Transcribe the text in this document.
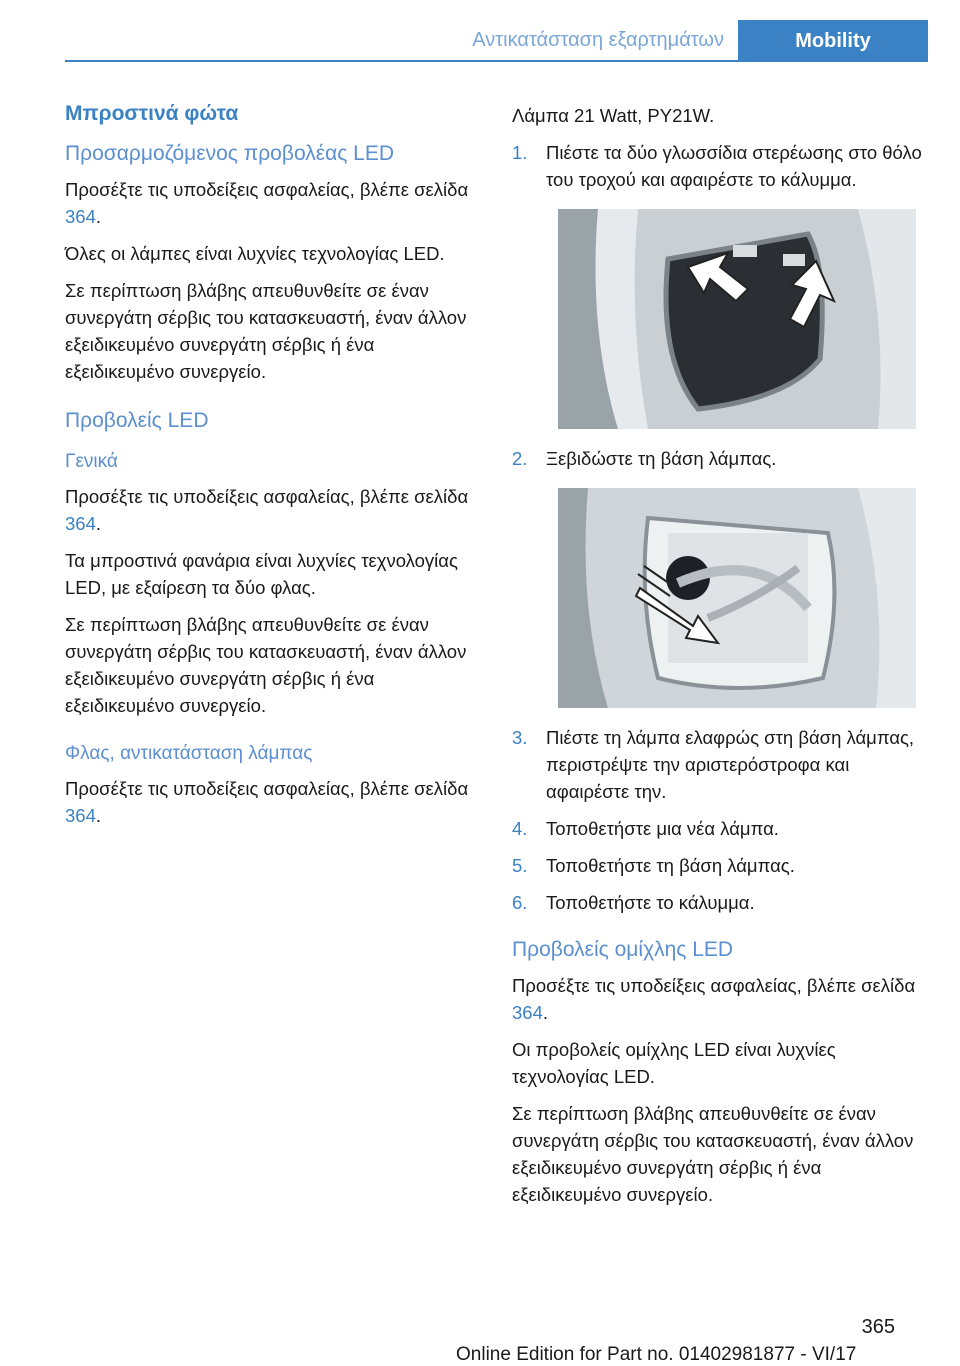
Αντικατάσταση εξαρτημάτων	Mobility
Μπροστινά φώτα
Προσαρμοζόμενος προβολέας LED

Προσέξτε τις υποδείξεις ασφαλείας, βλέπε σελίδα 364.

Όλες οι λάμπες είναι λυχνίες τεχνολογίας LED.

Σε περίπτωση βλάβης απευθυνθείτε σε έναν συνεργάτη σέρβις του κατασκευαστή, έναν άλλον εξειδικευμένο συνεργάτη σέρβις ή ένα εξειδικευμένο συνεργείο.

Προβολείς LED
Γενικά

Προσέξτε τις υποδείξεις ασφαλείας, βλέπε σελίδα 364.

Τα μπροστινά φανάρια είναι λυχνίες τεχνολογίας LED, με εξαίρεση τα δύο φλας.

Σε περίπτωση βλάβης απευθυνθείτε σε έναν συνεργάτη σέρβις του κατασκευαστή, έναν άλλον εξειδικευμένο συνεργάτη σέρβις ή ένα εξειδικευμένο συνεργείο.

Φλας, αντικατάσταση λάμπας

Προσέξτε τις υποδείξεις ασφαλείας, βλέπε σελίδα 364.

Λάμπα 21 Watt, PY21W.

1. Πιέστε τα δύο γλωσσίδια στερέωσης στο θόλο του τροχού και αφαιρέστε το κάλυμμα.
2. Ξεβιδώστε τη βάση λάμπας.
3. Πιέστε τη λάμπα ελαφρώς στη βάση λάμπας, περιστρέψτε την αριστερόστροφα και αφαιρέστε την.
4. Τοποθετήστε μια νέα λάμπα.
5. Τοποθετήστε τη βάση λάμπας.
6. Τοποθετήστε το κάλυμμα.
Προβολείς ομίχλης LED

Προσέξτε τις υποδείξεις ασφαλείας, βλέπε σελίδα 364.

Οι προβολείς ομίχλης LED είναι λυχνίες τεχνολογίας LED.

Σε περίπτωση βλάβης απευθυνθείτε σε έναν συνεργάτη σέρβις του κατασκευαστή, έναν άλλον εξειδικευμένο συνεργάτη σέρβις ή ένα εξειδικευμένο συνεργείο.

365
Online Edition for Part no. 01402981877 - VI/17
